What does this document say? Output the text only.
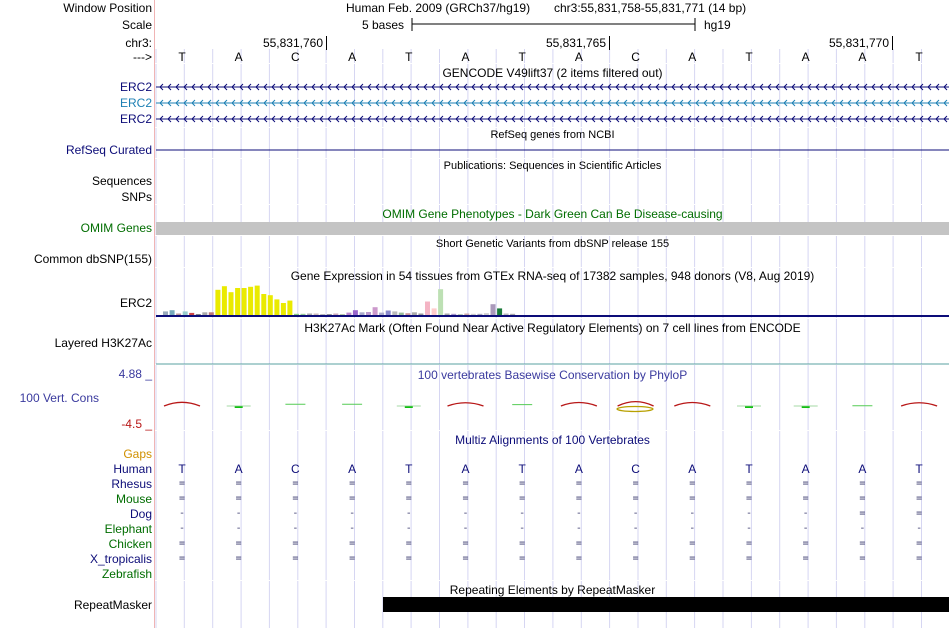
Window Position
Scale
chr3:
--->
Human Feb. 2009 (GRCh37/hg19) chr3:55,831,758-55,831,771 (14 bp)
5 bases	hg19
55,831,760	55,831,765	55,831,770
T	A	C	A	T	A	T	A	C	A	T	A	A	T
GENCODE V49lift37 (2 items filtered out)
ERC2
ERC2
ERC2
RefSeq genes from NCBI
RefSeq Curated
Publications: Sequences in Scientific Articles
Sequences
SNPs
OMIM Gene Phenotypes - Dark Green Can Be Disease-causing
OMIM Genes
Short Genetic Variants from dbSNP release 155
Common dbSNP(155)
Gene Expression in 54 tissues from GTEx RNA-seq of 17382 samples, 948 donors (V8, Aug 2019)
ERC2
H3K27Ac Mark (Often Found Near Active Regulatory Elements) on 7 cell lines from ENCODE
Layered H3K27Ac
100 vertebrates Basewise Conservation by PhyloP
4.88 _
100 Vert. Cons
-4.5 _
Multiz Alignments of 100 Vertebrates
Gaps
Human	T	A	C	A	T	A	T	A	C	A	T	A	A	T
Rhesus	=	=	=	=	=	=	=	=	=	=	=	=	=	=
Mouse	=	=	=	=	=	=	=	=	=	=	=	=	=	=
Dog	-	-	-	-	-	-	-	-	-	-	-	-	=	=
Elephant	-	-	-	-	-	-	-	-	-	-	-	-	-	-
Chicken	=	=	=	=	=	=	=	=	=	=	=	=	=	=
X_tropicalis	=	=	=	=	=	=	=	=	=	=	=	=	=	=
Zebrafish
Repeating Elements by RepeatMasker
RepeatMasker
